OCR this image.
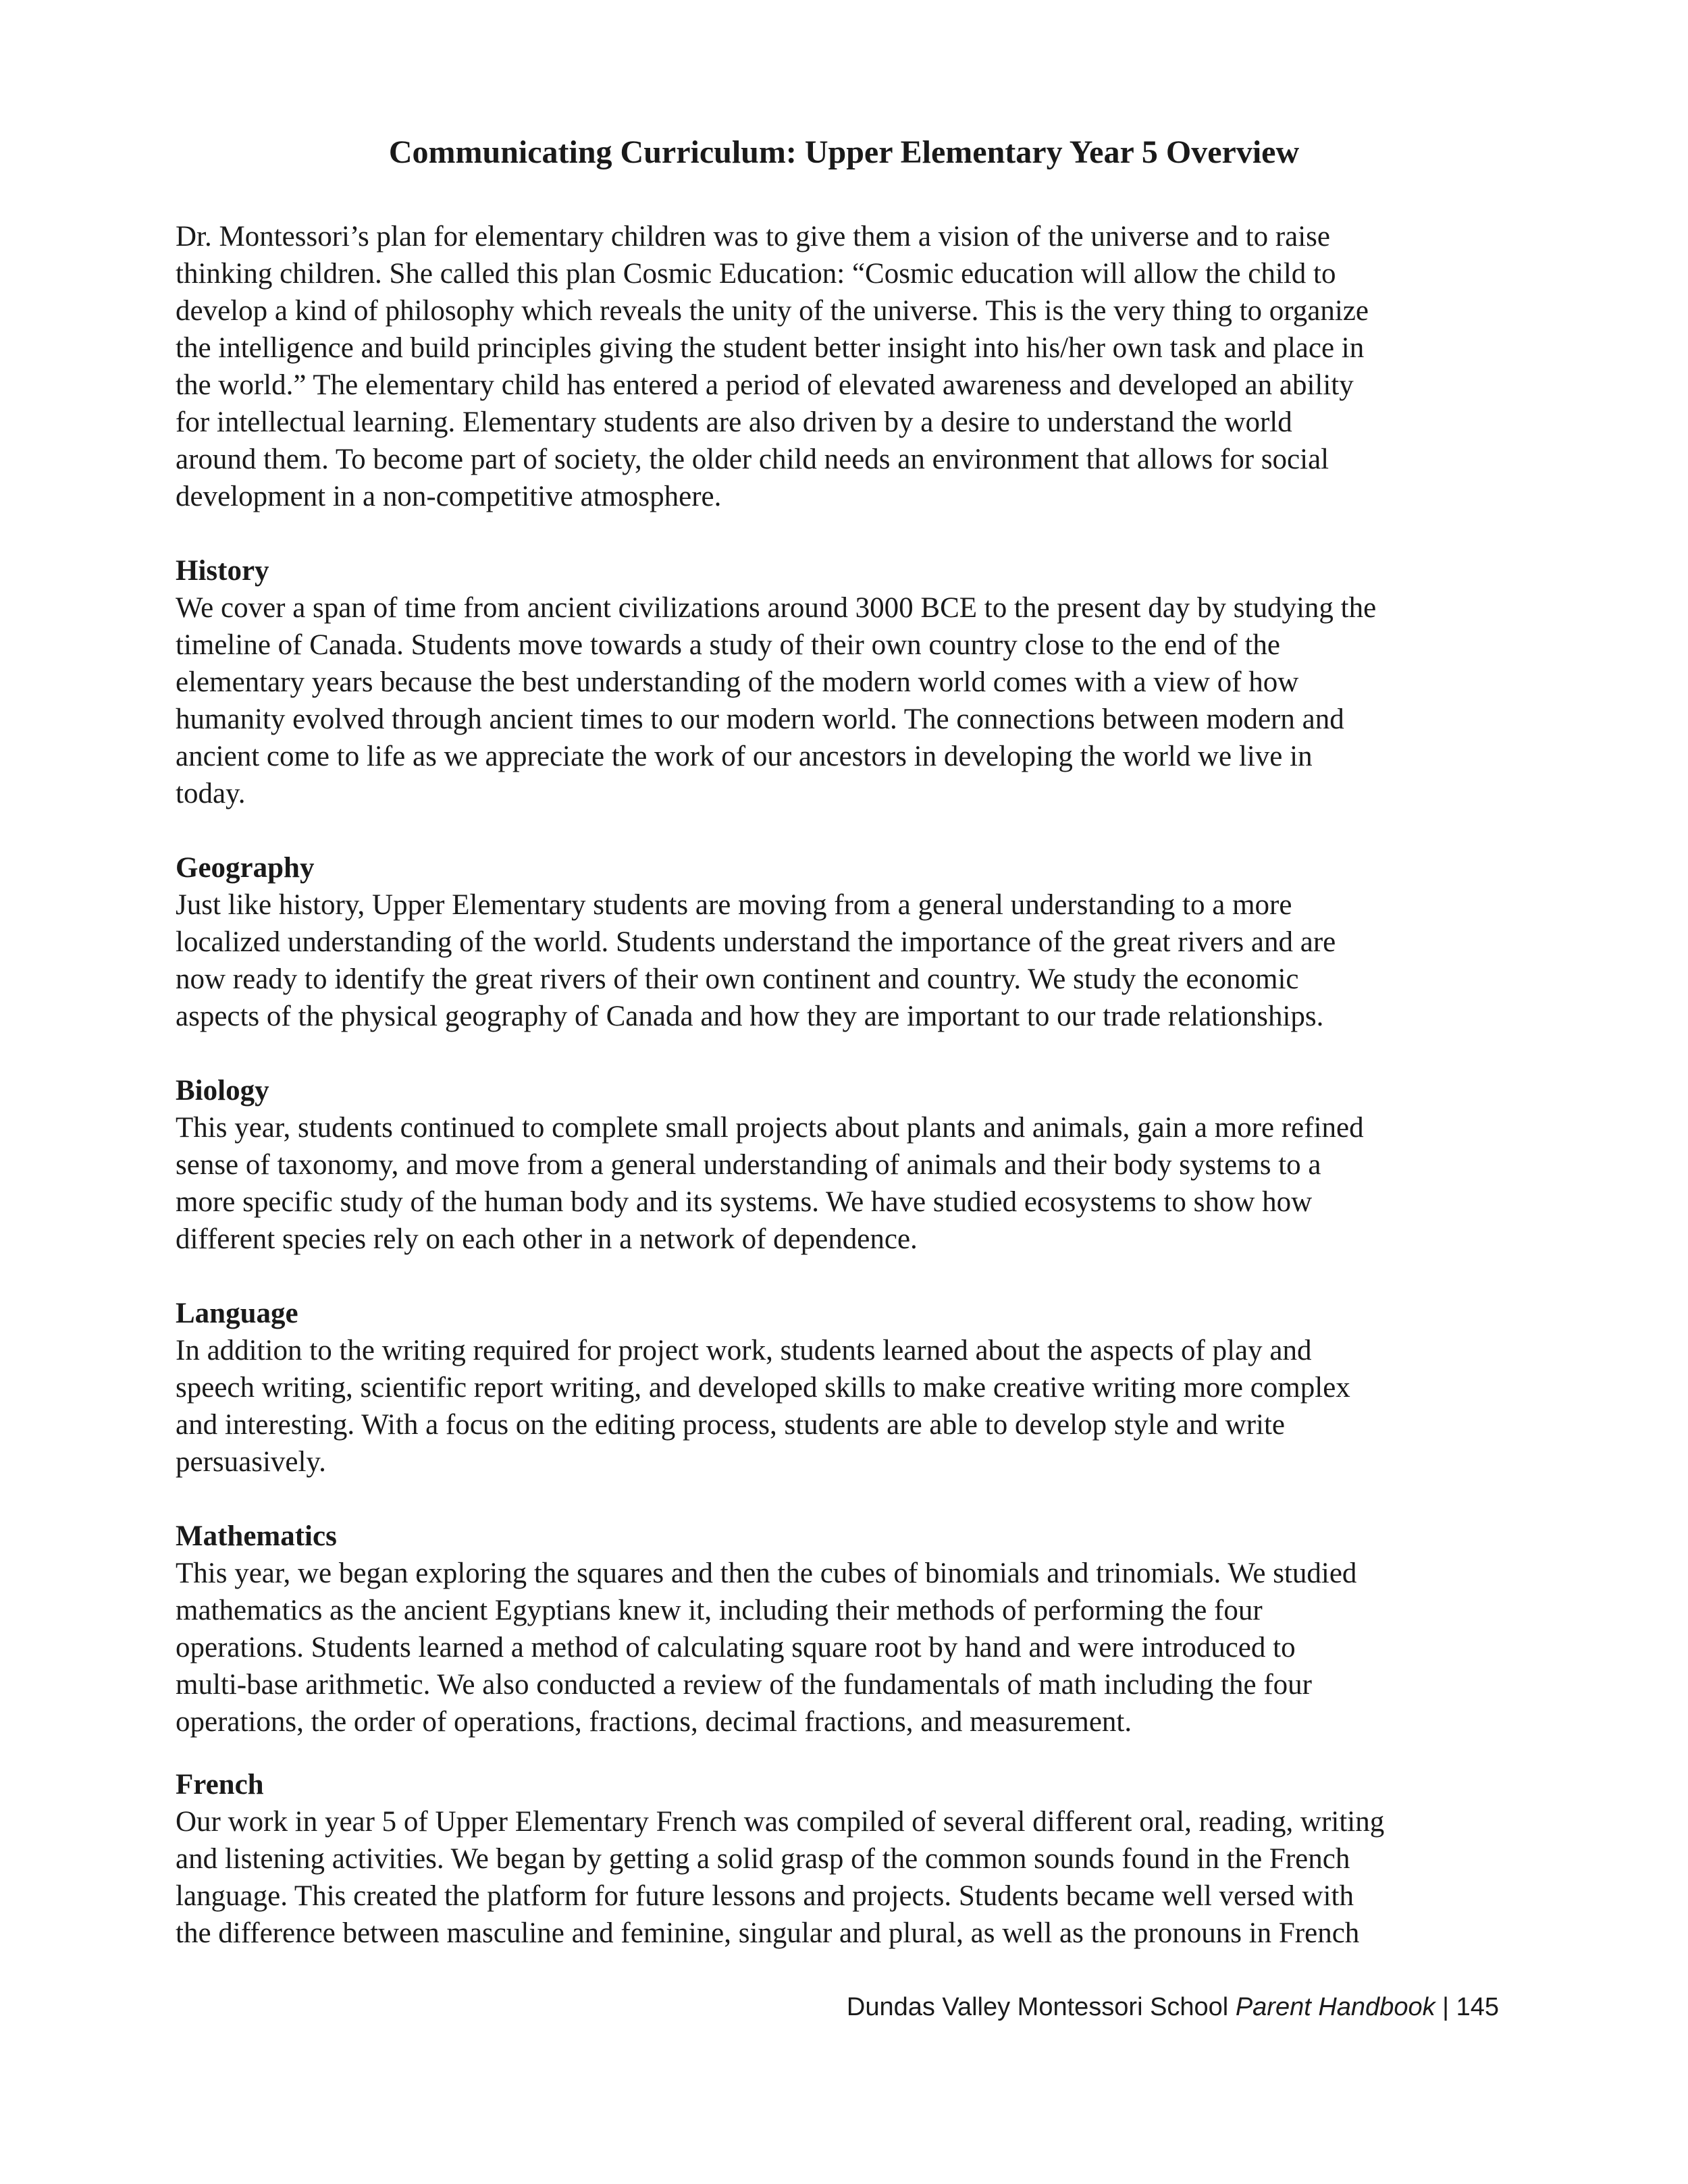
Communicating Curriculum: Upper Elementary Year 5 Overview

Dr. Montessori’s plan for elementary children was to give them a vision of the universe and to raise
thinking children. She called this plan Cosmic Education: “Cosmic education will allow the child to
develop a kind of philosophy which reveals the unity of the universe. This is the very thing to organize
the intelligence and build principles giving the student better insight into his/her own task and place in
the world.” The elementary child has entered a period of elevated awareness and developed an ability
for intellectual learning. Elementary students are also driven by a desire to understand the world
around them. To become part of society, the older child needs an environment that allows for social
development in a non-competitive atmosphere.

History

We cover a span of time from ancient civilizations around 3000 BCE to the present day by studying the
timeline of Canada. Students move towards a study of their own country close to the end of the
elementary years because the best understanding of the modern world comes with a view of how
humanity evolved through ancient times to our modern world. The connections between modern and
ancient come to life as we appreciate the work of our ancestors in developing the world we live in
today.

Geography

Just like history, Upper Elementary students are moving from a general understanding to a more
localized understanding of the world. Students understand the importance of the great rivers and are
now ready to identify the great rivers of their own continent and country. We study the economic
aspects of the physical geography of Canada and how they are important to our trade relationships.

Biology

This year, students continued to complete small projects about plants and animals, gain a more refined
sense of taxonomy, and move from a general understanding of animals and their body systems to a
more specific study of the human body and its systems. We have studied ecosystems to show how
different species rely on each other in a network of dependence.

Language

In addition to the writing required for project work, students learned about the aspects of play and
speech writing, scientific report writing, and developed skills to make creative writing more complex
and interesting. With a focus on the editing process, students are able to develop style and write
persuasively.

Mathematics

This year, we began exploring the squares and then the cubes of binomials and trinomials. We studied
mathematics as the ancient Egyptians knew it, including their methods of performing the four
operations. Students learned a method of calculating square root by hand and were introduced to
multi-base arithmetic. We also conducted a review of the fundamentals of math including the four
operations, the order of operations, fractions, decimal fractions, and measurement.

French

Our work in year 5 of Upper Elementary French was compiled of several different oral, reading, writing
and listening activities. We began by getting a solid grasp of the common sounds found in the French
language. This created the platform for future lessons and projects. Students became well versed with
the difference between masculine and feminine, singular and plural, as well as the pronouns in French

Dundas Valley Montessori School Parent Handbook | 145
